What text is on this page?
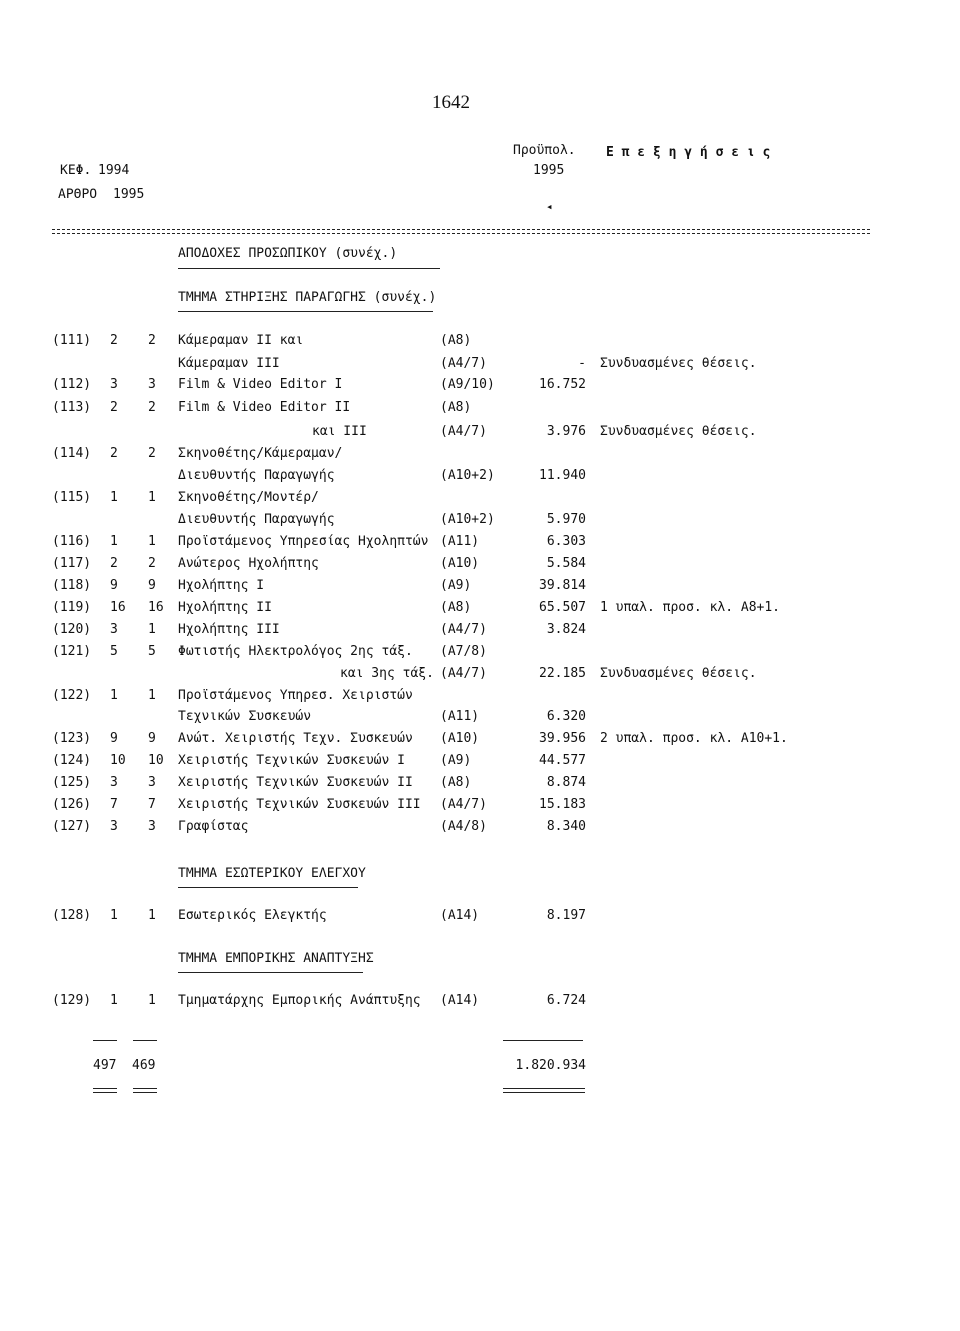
1642
ΚΕΦ. 1994
ΑΡΘΡΟ 1995
Προϋπολ.
1995
Ε π ε ξ η γ ή σ ε ι ς
◂
ΑΠΟΔΟΧΕΣ ΠΡΟΣΩΠΙΚΟΥ (συνέχ.)
ΤΜΗΜΑ ΣΤΗΡΙΞΗΣ ΠΑΡΑΓΩΓΗΣ (συνέχ.)
(111) 2 2 Κάμεραμαν ΙΙ και	(Α8)
Κάμεραμαν ΙΙΙ	(Α4/7)	- Συνδυασμένες θέσεις.
(112) 3 3 Film & Video Editor I	(Α9/10)	16.752
(113) 2 2 Film & Video Editor II	(Α8)
και ΙΙΙ	(Α4/7)	3.976 Συνδυασμένες θέσεις.
(114) 2 2 Σκηνοθέτης/Κάμεραμαν/
Διευθυντής Παραγωγής	(Α10+2)	11.940
(115) 1 1 Σκηνοθέτης/Μοντέρ/
Διευθυντής Παραγωγής	(Α10+2)	5.970
(116) 1 1 Προϊστάμενος Υπηρεσίας Ηχοληπτών (Α11)	6.303
(117) 2 2 Ανώτερος Ηχολήπτης	(Α10)	5.584
(118) 9 9 Ηχολήπτης Ι	(Α9)	39.814
(119) 16 16 Ηχολήπτης ΙΙ	(Α8)	65.507 1 υπαλ. προσ. κλ. Α8+1.
(120) 3 1 Ηχολήπτης ΙΙΙ	(Α4/7)	3.824
(121) 5 5 Φωτιστής Ηλεκτρολόγος 2ης τάξ. (Α7/8)
και 3ης τάξ. (Α4/7)	22.185 Συνδυασμένες θέσεις.
(122) 1 1 Προϊστάμενος Υπηρεσ. Χειριστών
Τεχνικών Συσκευών	(Α11)	6.320
(123) 9 9 Ανώτ. Χειριστής Τεχν. Συσκευών (Α10)	39.956 2 υπαλ. προσ. κλ. Α10+1.
(124) 10 10 Χειριστής Τεχνικών Συσκευών Ι	(Α9)	44.577
(125) 3 3 Χειριστής Τεχνικών Συσκευών ΙΙ (Α8)	8.874
(126) 7 7 Χειριστής Τεχνικών Συσκευών ΙΙΙ (Α4/7)	15.183
(127) 3 3 Γραφίστας	(Α4/8)	8.340
ΤΜΗΜΑ ΕΣΩΤΕΡΙΚΟΥ ΕΛΕΓΧΟΥ
(128) 1 1 Εσωτερικός Ελεγκτής	(Α14)	8.197
ΤΜΗΜΑ ΕΜΠΟΡΙΚΗΣ ΑΝΑΠΤΥΞΗΣ
(129) 1 1 Τμηματάρχης Εμπορικής Ανάπτυξης (Α14)	6.724
497 469	1.820.934
